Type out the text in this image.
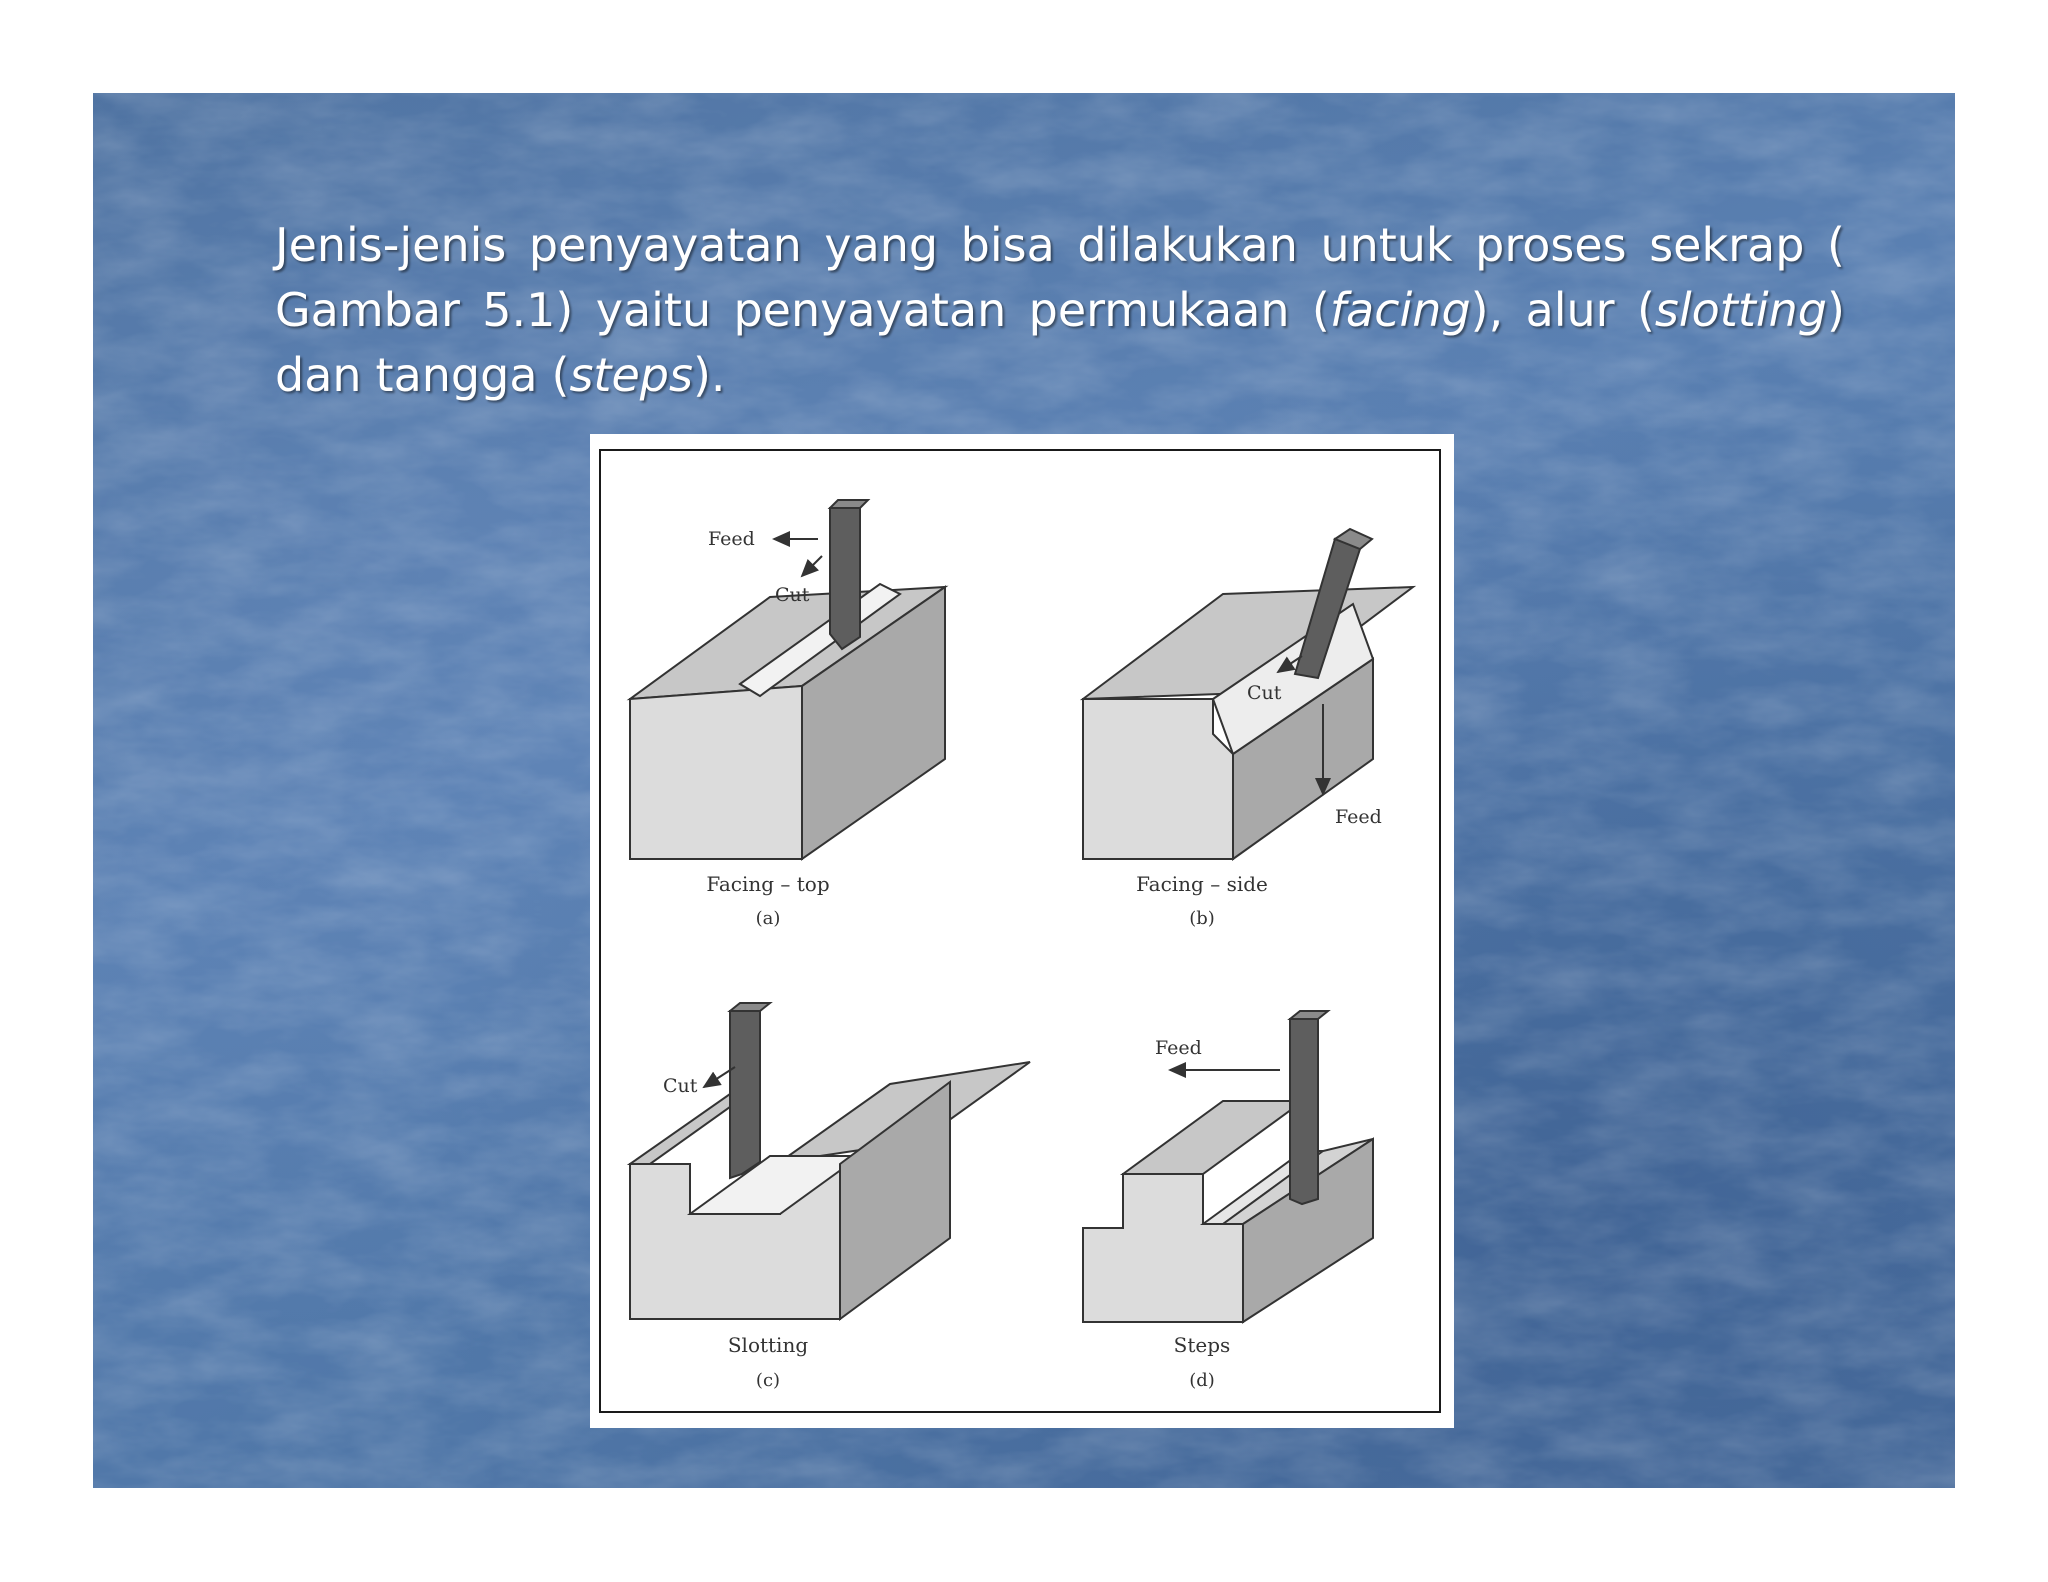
Jenis-jenis penyayatan yang bisa dilakukan untuk proses sekrap (
Gambar 5.1) yaitu penyayatan permukaan (facing), alur (slotting)
dan tangga (steps).
Feed
Cut
Facing – top
(a)
Cut
Feed
Facing – side
(b)
Cut
Slotting
(c)
Feed
Steps
(d)
